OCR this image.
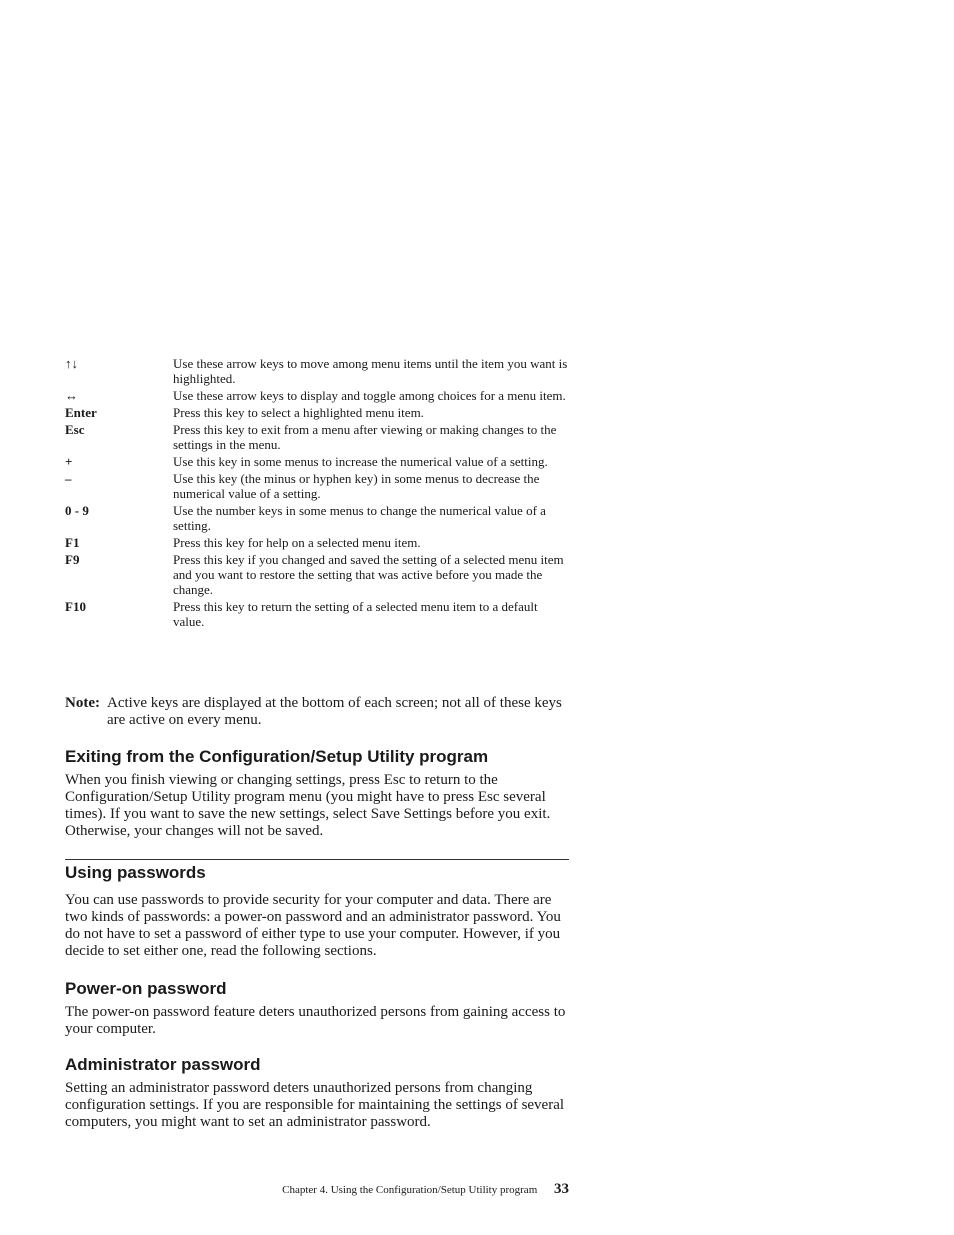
↑↓	Use these arrow keys to move among menu items until the item you want is highlighted.
↔	Use these arrow keys to display and toggle among choices for a menu item.
Enter	Press this key to select a highlighted menu item.
Esc	Press this key to exit from a menu after viewing or making changes to the settings in the menu.
+	Use this key in some menus to increase the numerical value of a setting.
–	Use this key (the minus or hyphen key) in some menus to decrease the numerical value of a setting.
0 - 9	Use the number keys in some menus to change the numerical value of a setting.
F1	Press this key for help on a selected menu item.
F9	Press this key if you changed and saved the setting of a selected menu item and you want to restore the setting that was active before you made the change.
F10	Press this key to return the setting of a selected menu item to a default value.
Note: Active keys are displayed at the bottom of each screen; not all of these keys are active on every menu.
Exiting from the Configuration/Setup Utility program

When you finish viewing or changing settings, press Esc to return to the Configuration/Setup Utility program menu (you might have to press Esc several times). If you want to save the new settings, select Save Settings before you exit. Otherwise, your changes will not be saved.

Using passwords

You can use passwords to provide security for your computer and data. There are two kinds of passwords: a power-on password and an administrator password. You do not have to set a password of either type to use your computer. However, if you decide to set either one, read the following sections.

Power-on password

The power-on password feature deters unauthorized persons from gaining access to your computer.

Administrator password

Setting an administrator password deters unauthorized persons from changing configuration settings. If you are responsible for maintaining the settings of several computers, you might want to set an administrator password.

Chapter 4. Using the Configuration/Setup Utility program 33
